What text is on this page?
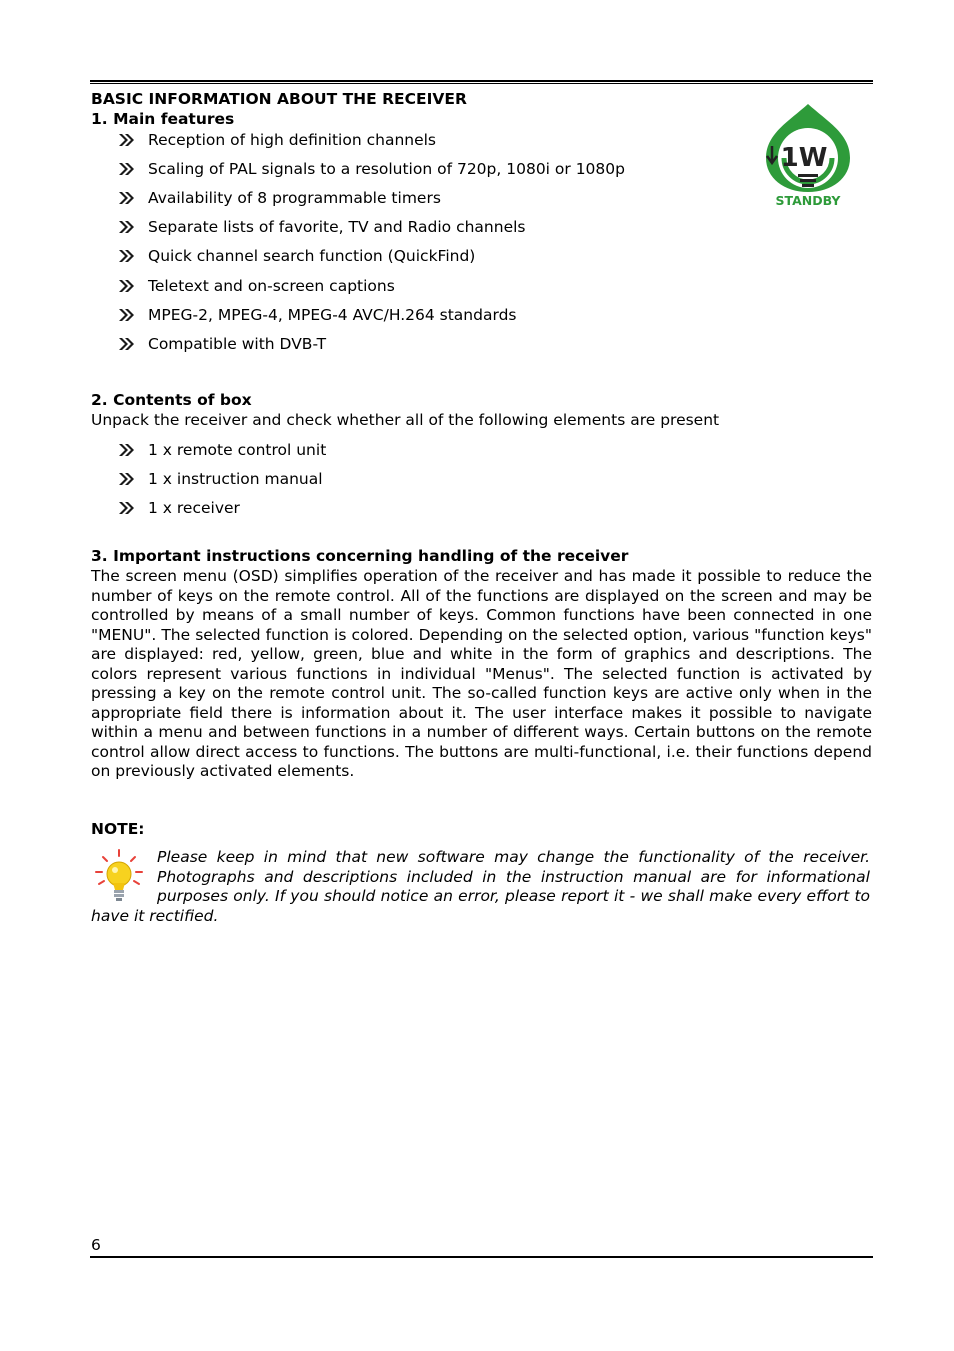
BASIC INFORMATION ABOUT THE RECEIVER
1. Main features
1W
STANDBY
Reception of high definition channels
Scaling of PAL signals to a resolution of 720p, 1080i or 1080p
Availability of 8 programmable timers
Separate lists of favorite, TV and Radio channels
Quick channel search function (QuickFind)
Teletext and on-screen captions
MPEG-2, MPEG-4, MPEG-4 AVC/H.264 standards
Compatible with DVB-T
2. Contents of box

Unpack the receiver and check whether all of the following elements are present

1 x remote control unit
1 x instruction manual
1 x receiver
3. Important instructions concerning handling of the receiver

The screen menu (OSD) simplifies operation of the receiver and has made it possible to reduce the number of keys on the remote control. All of the functions are displayed on the screen and may be controlled by means of a small number of keys. Common functions have been connected in one "MENU". The selected function is colored. Depending on the selected option, various "function keys" are displayed: red, yellow, green, blue and white in the form of graphics and descriptions. The colors represent various functions in individual "Menus". The selected function is activated by pressing a key on the remote control unit. The so-called function keys are active only when in the appropriate field there is information about it. The user interface makes it possible to navigate within a menu and between functions in a number of different ways. Certain buttons on the remote control allow direct access to functions. The buttons are multi-functional, i.e. their functions depend on previously activated elements.

NOTE:
Please keep in mind that new software may change the functionality of the receiver. Photographs and descriptions included in the instruction manual are for informational purposes only. If you should notice an error, please report it - we shall make every effort to have it rectified.
6
